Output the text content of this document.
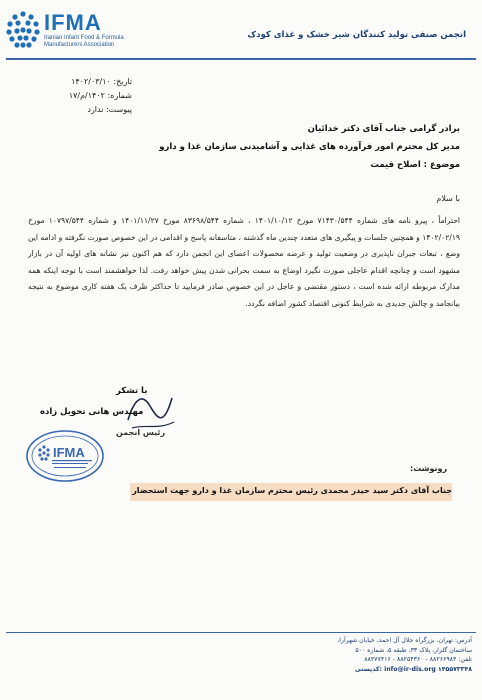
IFMA
Iranian Infant Food & Formula Manufacturers Association
انجمن صنفی تولید کنندگان شیر خشک و غذای کودک
تاریخ: ۱۴۰۲/۰۳/۱۰
شماره: ۱۴۰۲/م/۱۷
پیوست: ندارد
برادر گرامی جناب آقای دکتر خدائیان
مدیر کل محترم امور فرآورده های غذایی و آشامیدنی سازمان غذا و دارو
موضوع : اصلاح قیمت
با سلام
احتراماً ، پیرو نامه های شماره ۷۱۴۳۰/۵۴۴ مورخ ۱۴۰۱/۱۰/۱۲ ، شماره ۸۳۶۹۸/۵۴۴ مورخ ۱۴۰۱/۱۱/۲۷ و شماره ۱۰۷۹۷/۵۴۴ مورخ ۱۴۰۲/۰۲/۱۹ و همچنین جلسات و پیگیری های متعدد چندین ماه گذشته ، متاسفانه پاسخ و اقدامی در این خصوص صورت نگرفته و ادامه این وضع ، تبعات جبران ناپذیری در وضعیت تولید و عرضه محصولات اعضای این انجمن دارد که هم اکنون نیز نشانه های اولیه آن در بازار مشهود است و چنانچه اقدام عاجلی صورت نگیرد اوضاع به سمت بحرانی شدن پیش خواهد رفت. لذا خواهشمند است با توجه اینکه همه مدارک مربوطه ارائه شده است ، دستور مقتضی و عاجل در این خصوص صادر فرمایید تا حداکثر ظرف یک هفته کاری موضوع به نتیجه بیانجامد و چالش جدیدی به شرایط کنونی اقتصاد کشور اضافه نگردد.
با تشکر
مهندس هانی تحویل زاده
رئیس انجمن
IFMA
رونوشت:
جناب آقای دکتر سید حیدر محمدی رئیس محترم سازمان غذا و دارو جهت استحضار
آدرس: تهران، بزرگراه جلال آل احمد، خیابان شهرآرا،
ساختمان گلزار، پلاک ۳۳، طبقه ۵، شماره ۵۰۰
تلفن: ۸۸۲۶۶۹۸۴ - ۸۸۲۵۴۳۶۰ - ۸۸۲۷۷۴۱۶
info@ir-dis.org ۱۴۵۵۷۳۳۴۸ :کدپستی
